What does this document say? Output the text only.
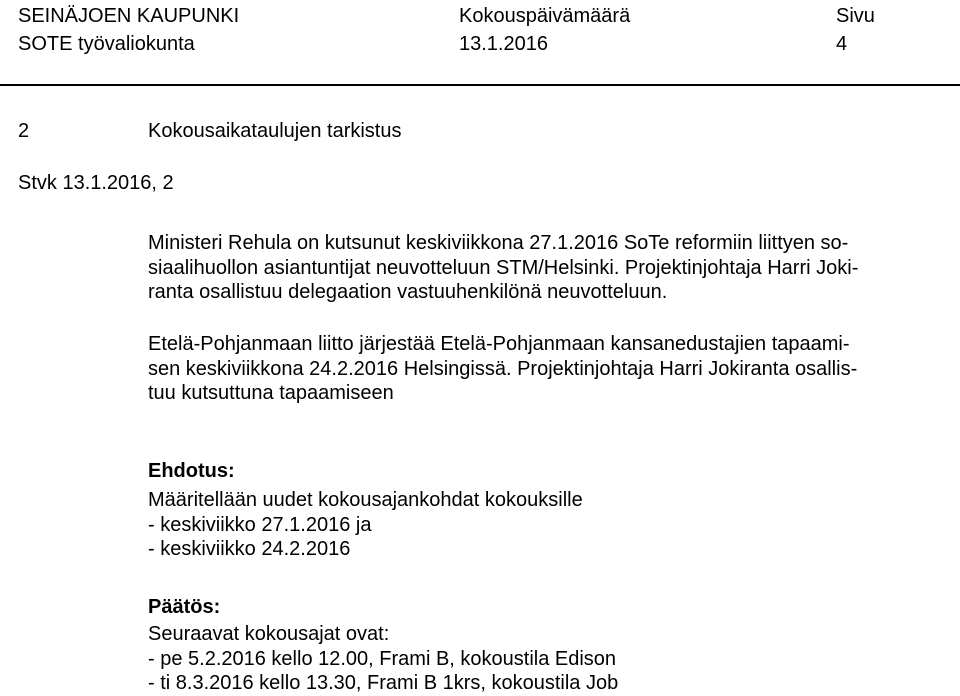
SEINÄJOEN KAUPUNKI
SOTE työvaliokunta
Kokouspäivämäärä
13.1.2016
Sivu
4
2	Kokousaikataulujen tarkistus
Stvk 13.1.2016, 2

Ministeri Rehula on kutsunut keskiviikkona 27.1.2016 SoTe reformiin liittyen so-

siaalihuollon asiantuntijat neuvotteluun STM/Helsinki. Projektinjohtaja Harri Joki-

ranta osallistuu delegaation vastuuhenkilönä neuvotteluun.

Etelä-Pohjanmaan liitto järjestää Etelä-Pohjanmaan kansanedustajien tapaami-

sen keskiviikkona 24.2.2016 Helsingissä. Projektinjohtaja Harri Jokiranta osallis-

tuu kutsuttuna tapaamiseen

Ehdotus:
Määritellään uudet kokousajankohdat kokouksille
- keskiviikko 27.1.2016 ja
- keskiviikko 24.2.2016
Päätös:
Seuraavat kokousajat ovat:
- pe 5.2.2016 kello 12.00, Frami B, kokoustila Edison
- ti 8.3.2016 kello 13.30, Frami B 1krs, kokoustila Job
